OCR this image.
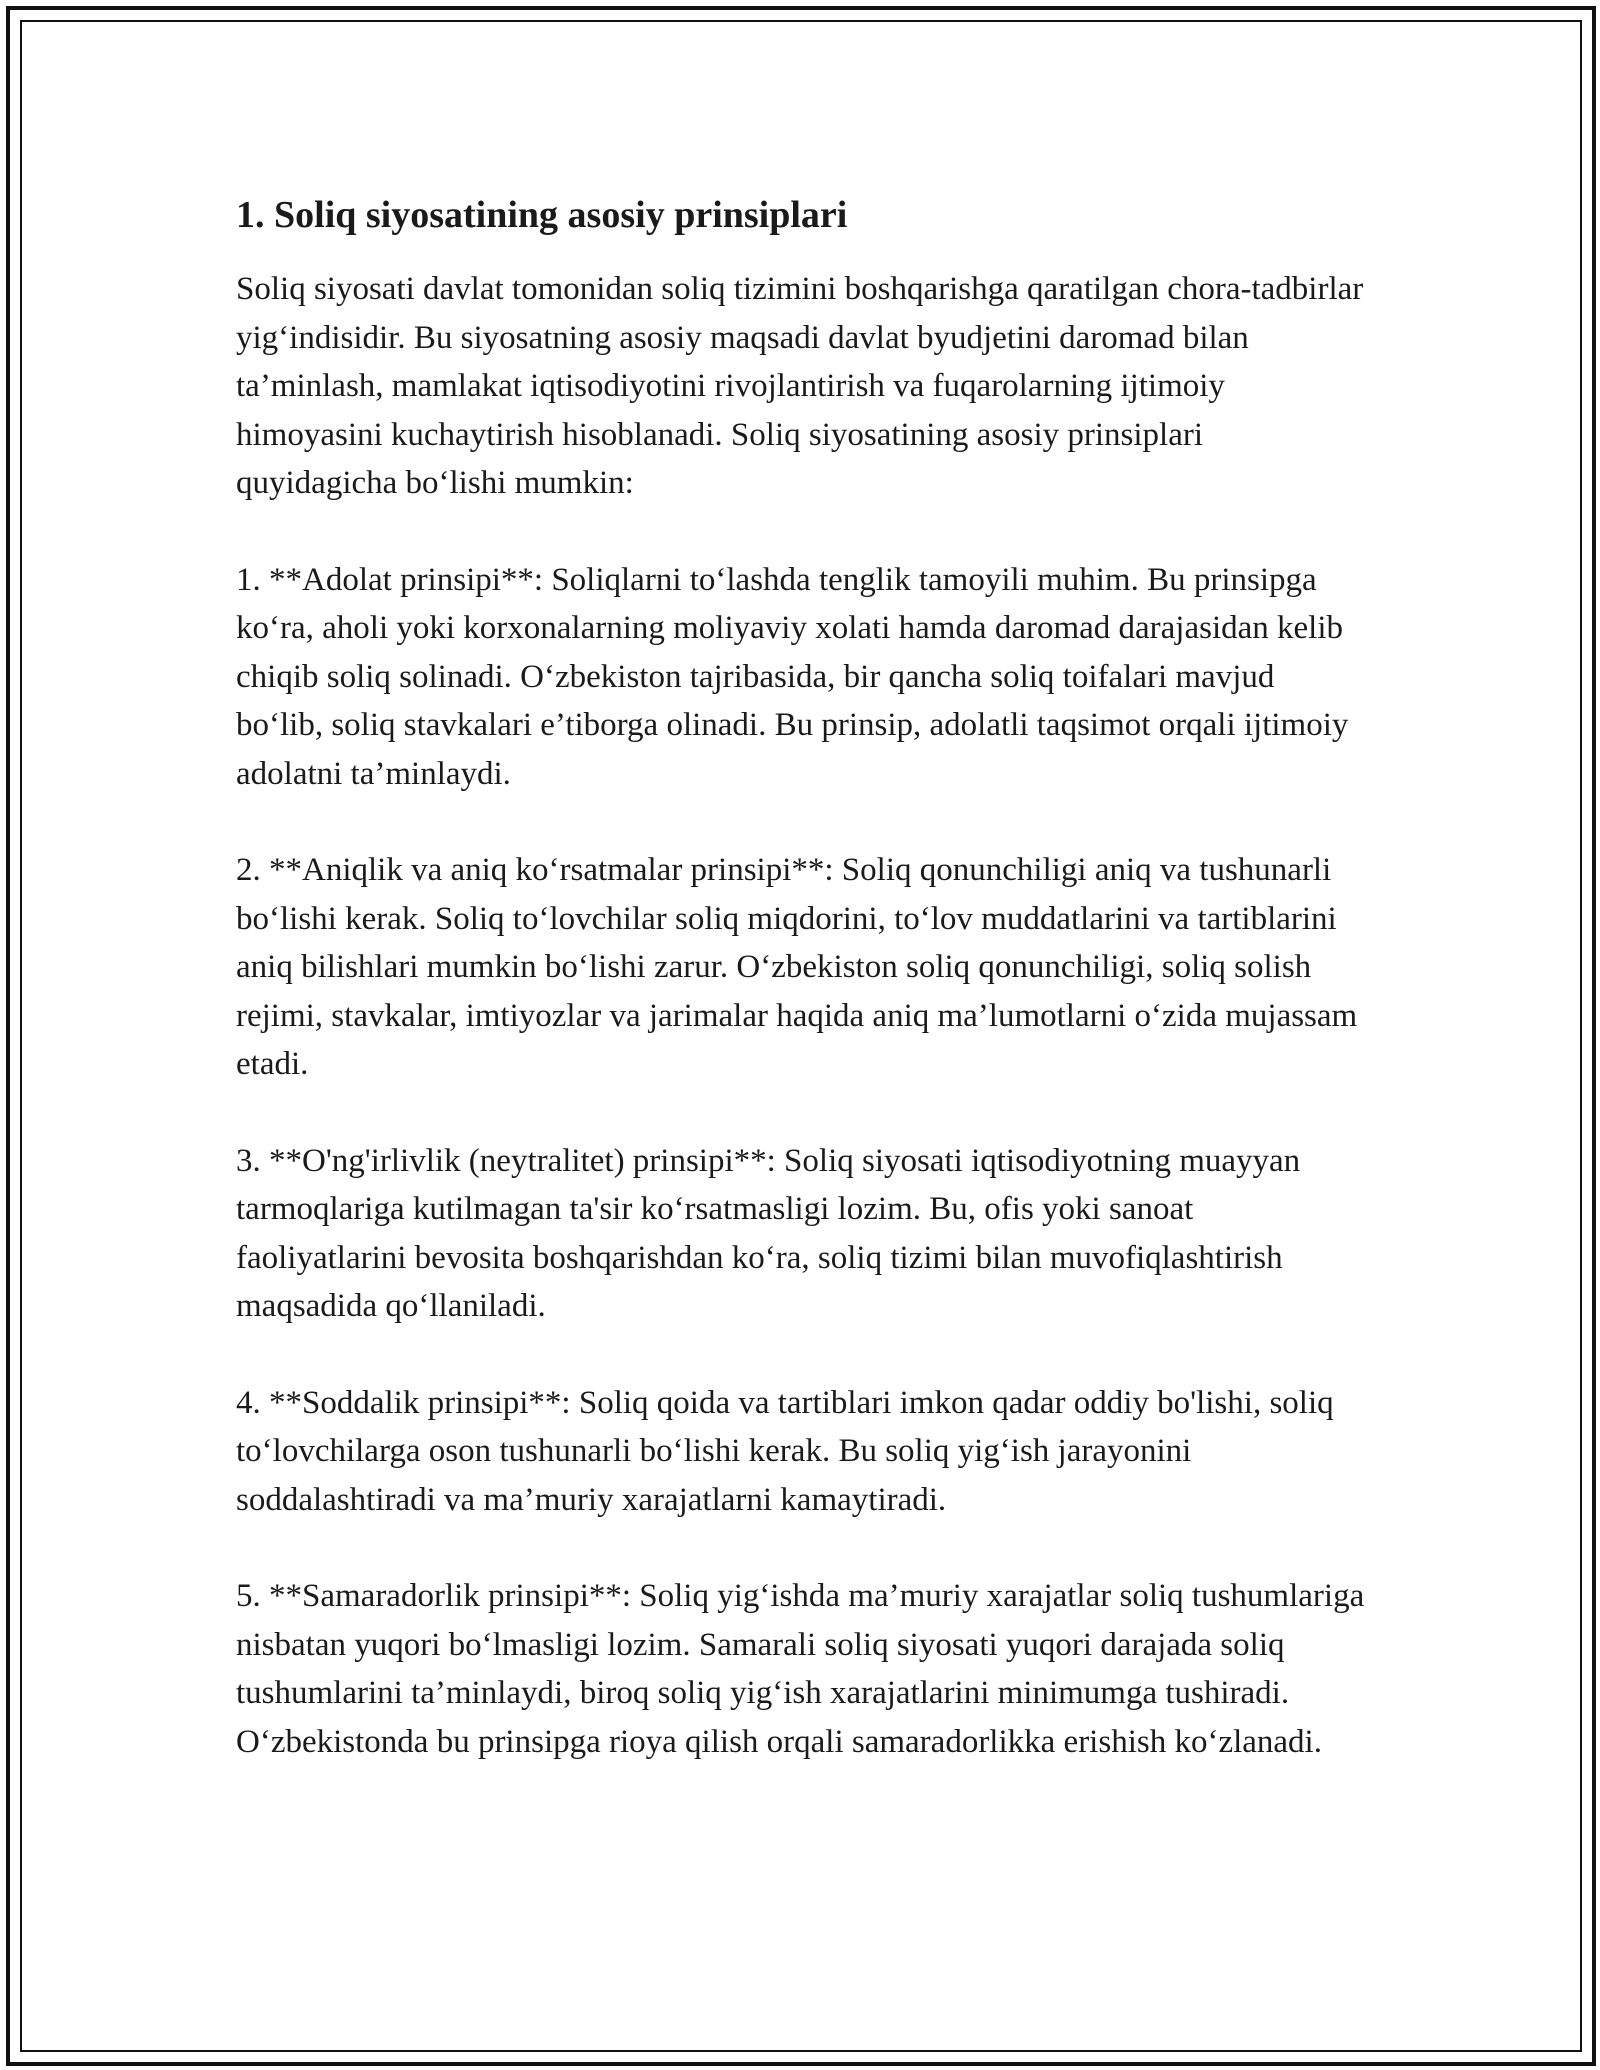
1. Soliq siyosatining asosiy prinsiplari

Soliq siyosati davlat tomonidan soliq tizimini boshqarishga qaratilgan chora-tadbirlar yig‘indisidir. Bu siyosatning asosiy maqsadi davlat byudjetini daromad bilan ta’minlash, mamlakat iqtisodiyotini rivojlantirish va fuqarolarning ijtimoiy himoyasini kuchaytirish hisoblanadi. Soliq siyosatining asosiy prinsiplari quyidagicha bo‘lishi mumkin:

1. **Adolat prinsipi**: Soliqlarni to‘lashda tenglik tamoyili muhim. Bu prinsipga ko‘ra, aholi yoki korxonalarning moliyaviy xolati hamda daromad darajasidan kelib chiqib soliq solinadi. O‘zbekiston tajribasida, bir qancha soliq toifalari mavjud bo‘lib, soliq stavkalari e’tiborga olinadi. Bu prinsip, adolatli taqsimot orqali ijtimoiy adolatni ta’minlaydi.

2. **Aniqlik va aniq ko‘rsatmalar prinsipi**: Soliq qonunchiligi aniq va tushunarli bo‘lishi kerak. Soliq to‘lovchilar soliq miqdorini, to‘lov muddatlarini va tartiblarini aniq bilishlari mumkin bo‘lishi zarur. O‘zbekiston soliq qonunchiligi, soliq solish rejimi, stavkalar, imtiyozlar va jarimalar haqida aniq ma’lumotlarni o‘zida mujassam etadi.

3. **O'ng'irlivlik (neytralitet) prinsipi**: Soliq siyosati iqtisodiyotning muayyan tarmoqlariga kutilmagan ta'sir ko‘rsatmasligi lozim. Bu, ofis yoki sanoat faoliyatlarini bevosita boshqarishdan ko‘ra, soliq tizimi bilan muvofiqlashtirish maqsadida qo‘llaniladi.

4. **Soddalik prinsipi**: Soliq qoida va tartiblari imkon qadar oddiy bo'lishi, soliq to‘lovchilarga oson tushunarli bo‘lishi kerak. Bu soliq yig‘ish jarayonini soddalashtiradi va ma’muriy xarajatlarni kamaytiradi.

5. **Samaradorlik prinsipi**: Soliq yig‘ishda ma’muriy xarajatlar soliq tushumlariga nisbatan yuqori bo‘lmasligi lozim. Samarali soliq siyosati yuqori darajada soliq tushumlarini ta’minlaydi, biroq soliq yig‘ish xarajatlarini minimumga tushiradi. O‘zbekistonda bu prinsipga rioya qilish orqali samaradorlikka erishish ko‘zlanadi.
